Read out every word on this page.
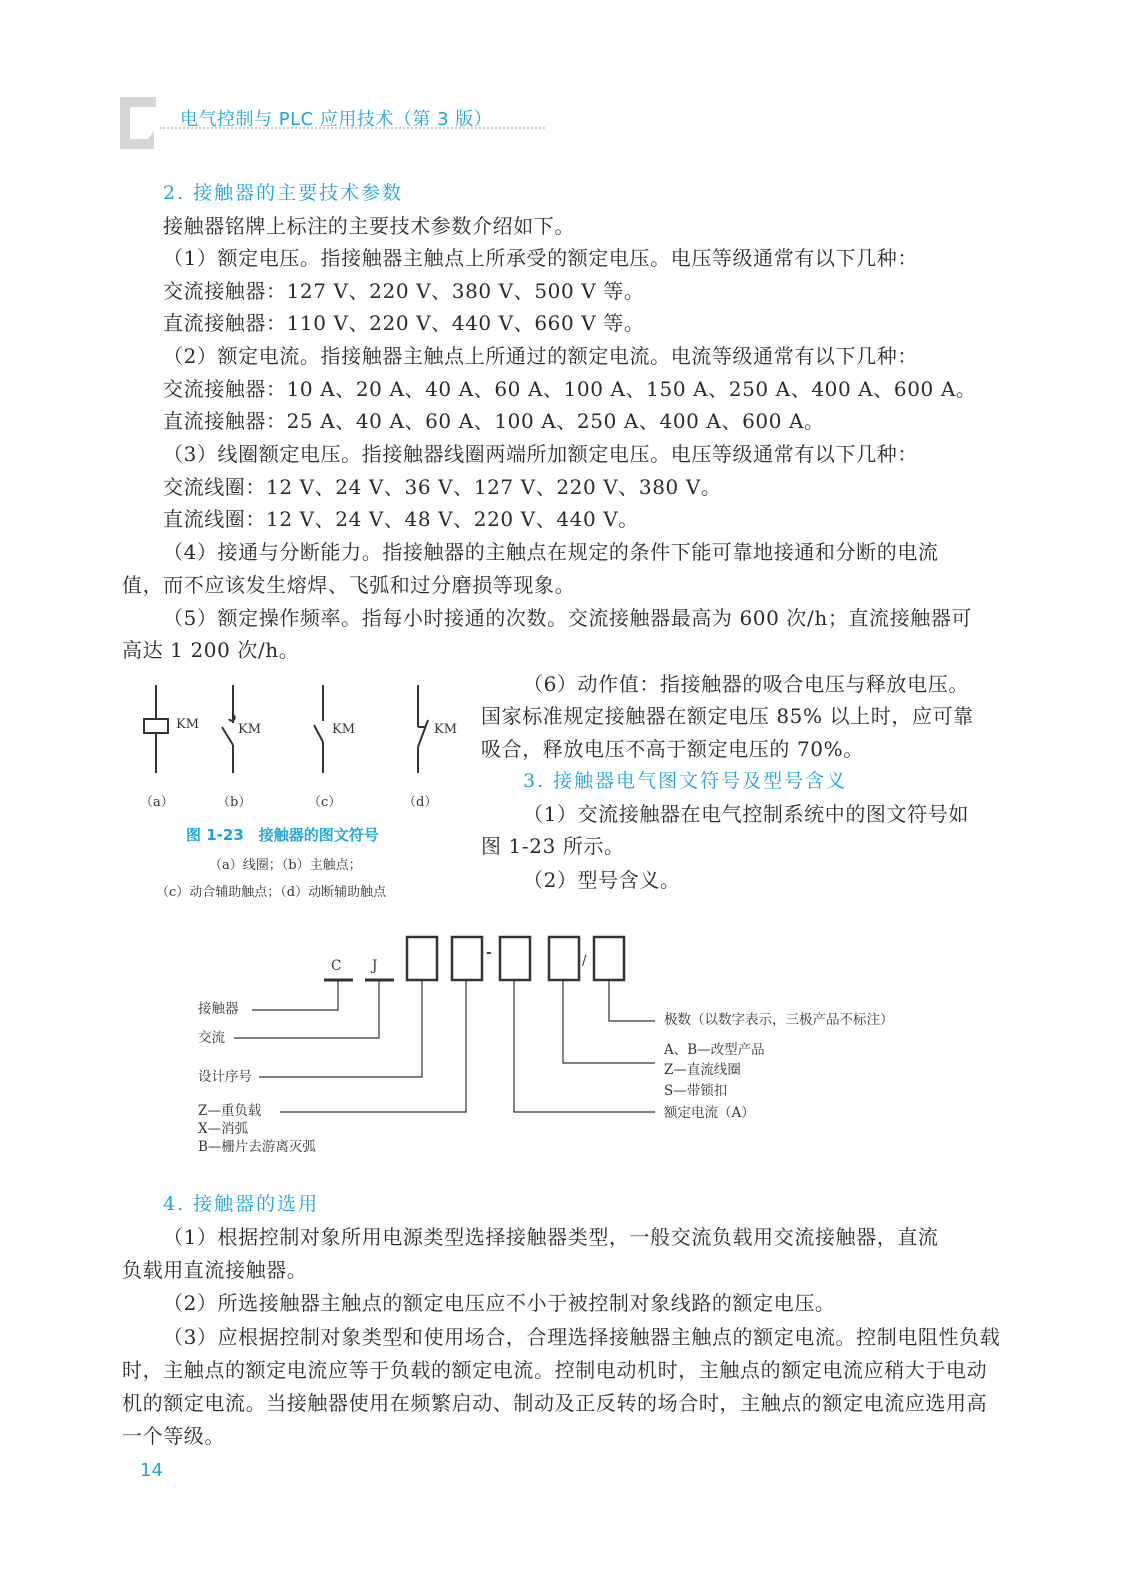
电气控制与 PLC 应用技术（第 3 版）
2. 接触器的主要技术参数
接触器铭牌上标注的主要技术参数介绍如下。
（1）额定电压。指接触器主触点上所承受的额定电压。电压等级通常有以下几种：
交流接触器：127 V、220 V、380 V、500 V 等。
直流接触器：110 V、220 V、440 V、660 V 等。
（2）额定电流。指接触器主触点上所通过的额定电流。电流等级通常有以下几种：
交流接触器：10 A、20 A、40 A、60 A、100 A、150 A、250 A、400 A、600 A。
直流接触器：25 A、40 A、60 A、100 A、250 A、400 A、600 A。
（3）线圈额定电压。指接触器线圈两端所加额定电压。电压等级通常有以下几种：
交流线圈：12 V、24 V、36 V、127 V、220 V、380 V。
直流线圈：12 V、24 V、48 V、220 V、440 V。
（4）接通与分断能力。指接触器的主触点在规定的条件下能可靠地接通和分断的电流
值，而不应该发生熔焊、飞弧和过分磨损等现象。
（5）额定操作频率。指每小时接通的次数。交流接触器最高为 600 次/h；直流接触器可
高达 1 200 次/h。
KM	KM	KM	KM
（a）	（b）	（c）	（d）
图 1-23　接触器的图文符号
（a）线圈；（b）主触点；
（c）动合辅助触点；（d）动断辅助触点
（6）动作值：指接触器的吸合电压与释放电压。
国家标准规定接触器在额定电压 85% 以上时，应可靠
吸合，释放电压不高于额定电压的 70%。
3. 接触器电气图文符号及型号含义
（1）交流接触器在电气控制系统中的图文符号如
图 1-23 所示。
（2）型号含义。
C J
-	/
接触器
交流
设计序号
Z—重负载
X—消弧
B—栅片去游离灭弧
极数（以数字表示，三极产品不标注）
A、B—改型产品
Z—直流线圈
S—带锁扣
额定电流（A）
4. 接触器的选用
（1）根据控制对象所用电源类型选择接触器类型，一般交流负载用交流接触器，直流
负载用直流接触器。
（2）所选接触器主触点的额定电压应不小于被控制对象线路的额定电压。
（3）应根据控制对象类型和使用场合，合理选择接触器主触点的额定电流。控制电阻性负载
时，主触点的额定电流应等于负载的额定电流。控制电动机时，主触点的额定电流应稍大于电动
机的额定电流。当接触器使用在频繁启动、制动及正反转的场合时，主触点的额定电流应选用高
一个等级。
14
